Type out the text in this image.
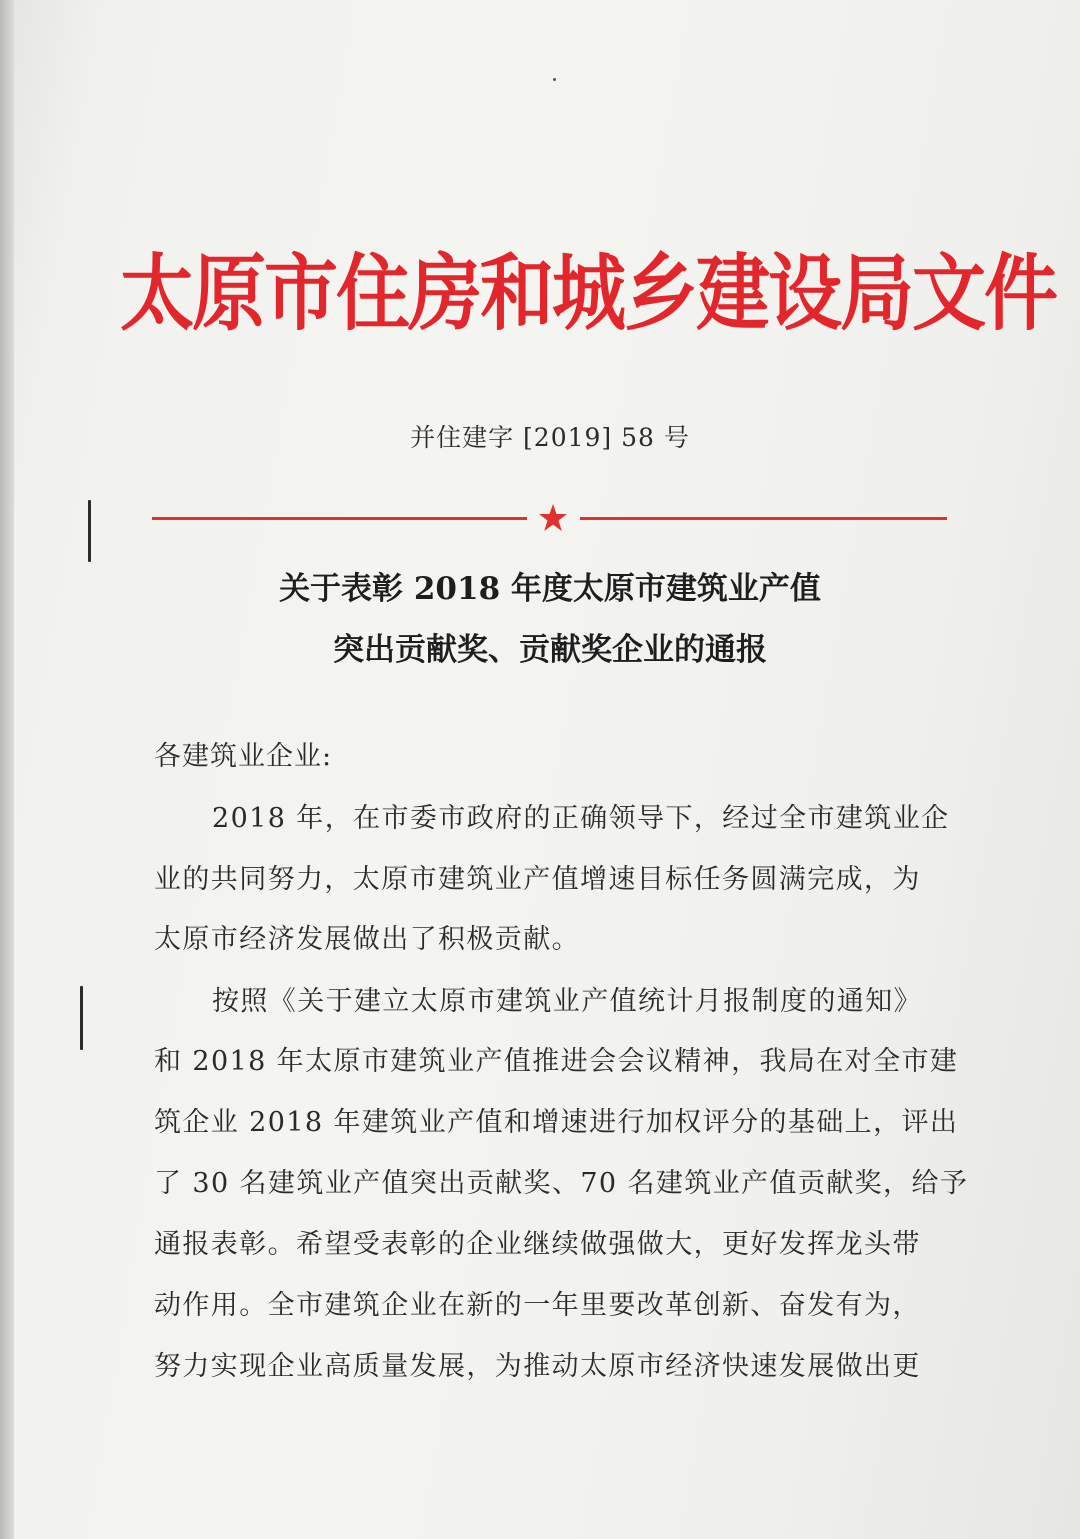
太原市住房和城乡建设局文件
并住建字 [2019] 58 号
关于表彰 2018 年度太原市建筑业产值
突出贡献奖、贡献奖企业的通报
各建筑业企业:
2018 年，在市委市政府的正确领导下，经过全市建筑业企
业的共同努力，太原市建筑业产值增速目标任务圆满完成，为
太原市经济发展做出了积极贡献。
按照《关于建立太原市建筑业产值统计月报制度的通知》
和 2018 年太原市建筑业产值推进会会议精神，我局在对全市建
筑企业 2018 年建筑业产值和增速进行加权评分的基础上，评出
了 30 名建筑业产值突出贡献奖、70 名建筑业产值贡献奖，给予
通报表彰。希望受表彰的企业继续做强做大，更好发挥龙头带
动作用。全市建筑企业在新的一年里要改革创新、奋发有为，
努力实现企业高质量发展，为推动太原市经济快速发展做出更
